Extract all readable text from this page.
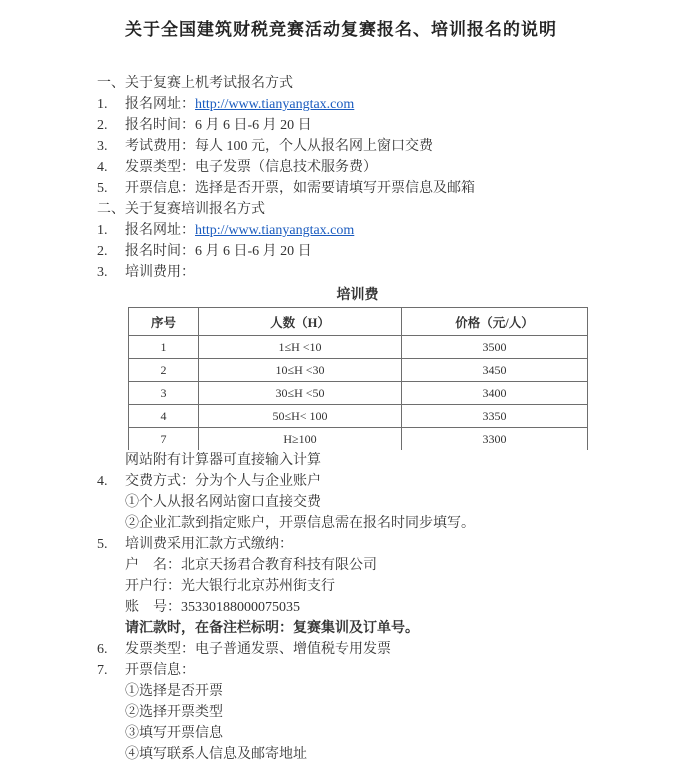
关于全国建筑财税竞赛活动复赛报名、培训报名的说明
一、关于复赛上机考试报名方式
1. 报名网址：http://www.tianyangtax.com
2. 报名时间：6 月 6 日-6 月 20 日
3. 考试费用：每人 100 元，个人从报名网上窗口交费
4. 发票类型：电子发票（信息技术服务费）
5. 开票信息：选择是否开票，如需要请填写开票信息及邮箱
二、关于复赛培训报名方式
1. 报名网址：http://www.tianyangtax.com
2. 报名时间：6 月 6 日-6 月 20 日
3. 培训费用：
培训费
序号	人数（H）	价格（元/人）
1	1≤H <10	3500
2	10≤H <30	3450
3	30≤H <50	3400
4	50≤H< 100	3350
7	H≥100	3300
网站附有计算器可直接输入计算
4. 交费方式：分为个人与企业账户
①个人从报名网站窗口直接交费
②企业汇款到指定账户，开票信息需在报名时同步填写。
5. 培训费采用汇款方式缴纳：
户　名：北京天扬君合教育科技有限公司
开户行：光大银行北京苏州街支行
账　号：35330188000075035
请汇款时，在备注栏标明：复赛集训及订单号。
6. 发票类型：电子普通发票、增值税专用发票
7. 开票信息：
①选择是否开票
②选择开票类型
③填写开票信息
④填写联系人信息及邮寄地址
